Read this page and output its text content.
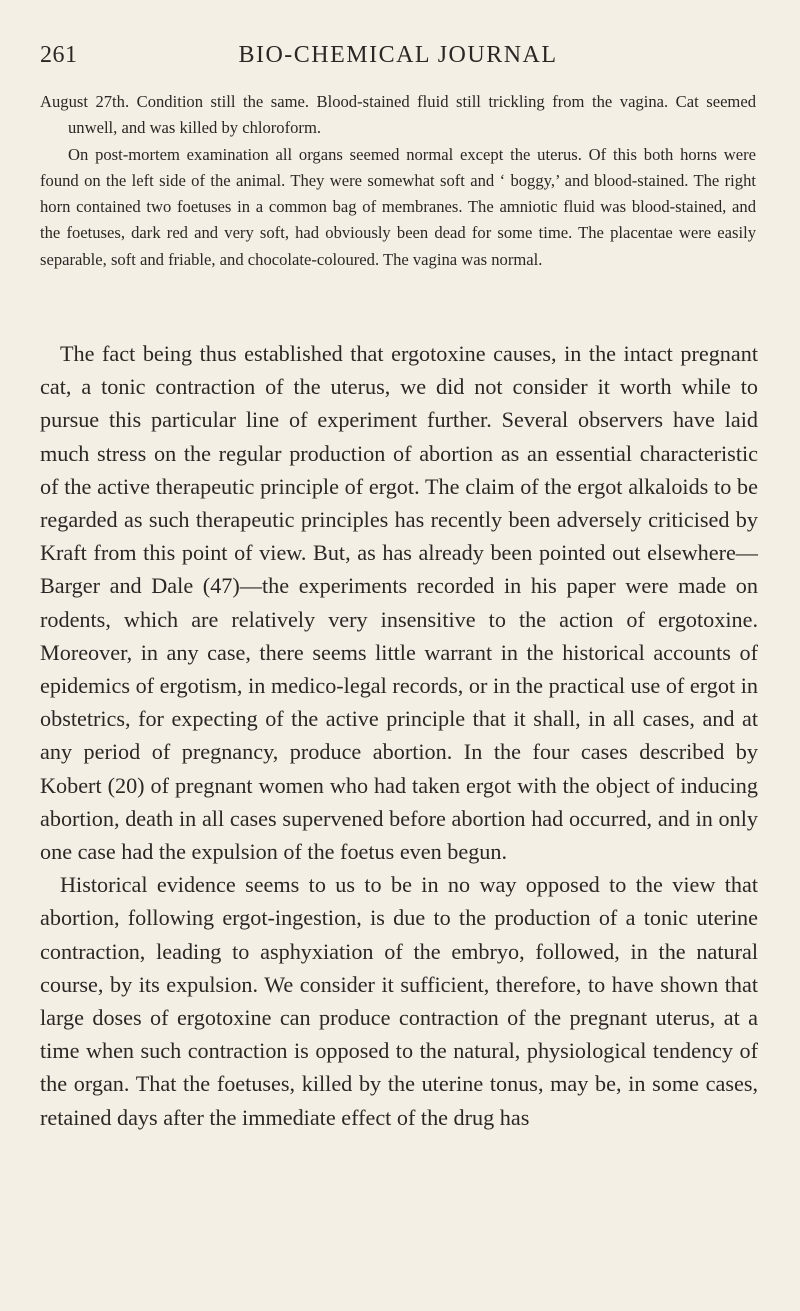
261	BIO-CHEMICAL JOURNAL

August 27th. Condition still the same. Blood-stained fluid still trickling from the vagina. Cat seemed unwell, and was killed by chloroform.

On post-mortem examination all organs seemed normal except the uterus. Of this both horns were found on the left side of the animal. They were somewhat soft and ‘ boggy,’ and blood-stained. The right horn contained two foetuses in a common bag of membranes. The amniotic fluid was blood-stained, and the foetuses, dark red and very soft, had obviously been dead for some time. The placentae were easily separable, soft and friable, and chocolate-coloured. The vagina was normal.

The fact being thus established that ergotoxine causes, in the intact pregnant cat, a tonic contraction of the uterus, we did not consider it worth while to pursue this particular line of experiment further. Several observers have laid much stress on the regular production of abortion as an essential characteristic of the active therapeutic principle of ergot. The claim of the ergot alkaloids to be regarded as such therapeutic principles has recently been adversely criticised by Kraft from this point of view. But, as has already been pointed out elsewhere—Barger and Dale (47)—the experiments recorded in his paper were made on rodents, which are relatively very insensitive to the action of ergotoxine. Moreover, in any case, there seems little warrant in the historical accounts of epidemics of ergotism, in medico-legal records, or in the practical use of ergot in obstetrics, for expecting of the active principle that it shall, in all cases, and at any period of pregnancy, produce abortion. In the four cases described by Kobert (20) of pregnant women who had taken ergot with the object of inducing abortion, death in all cases supervened before abortion had occurred, and in only one case had the expulsion of the foetus even begun.

Historical evidence seems to us to be in no way opposed to the view that abortion, following ergot-ingestion, is due to the production of a tonic uterine contraction, leading to asphyxiation of the embryo, followed, in the natural course, by its expulsion. We consider it sufficient, therefore, to have shown that large doses of ergotoxine can produce contraction of the pregnant uterus, at a time when such contraction is opposed to the natural, physiological tendency of the organ. That the foetuses, killed by the uterine tonus, may be, in some cases, retained days after the immediate effect of the drug has
